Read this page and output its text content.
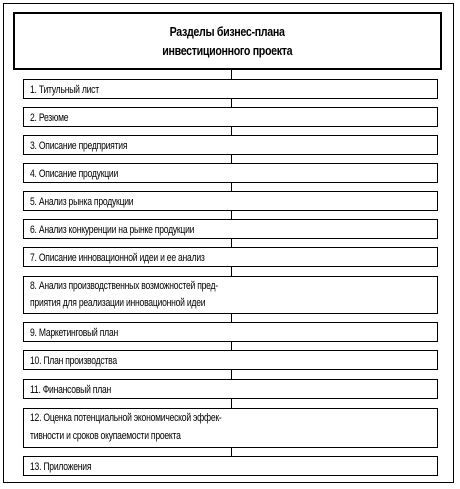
Разделы бизнес-плана
инвестиционного проекта
1. Титульный лист
2. Резюме
3. Описание предприятия
4. Описание продукции
5. Анализ рынка продукции
6. Анализ конкуренции на рынке продукции
7. Описание инновационной идеи и ее анализ
8. Анализ производственных возможностей пред-
приятия для реализации инновационной идеи
9. Маркетинговый план
10. План производства
11. Финансовый план
12. Оценка потенциальной экономической эффек-
тивности и сроков окупаемости проекта
13. Приложения
